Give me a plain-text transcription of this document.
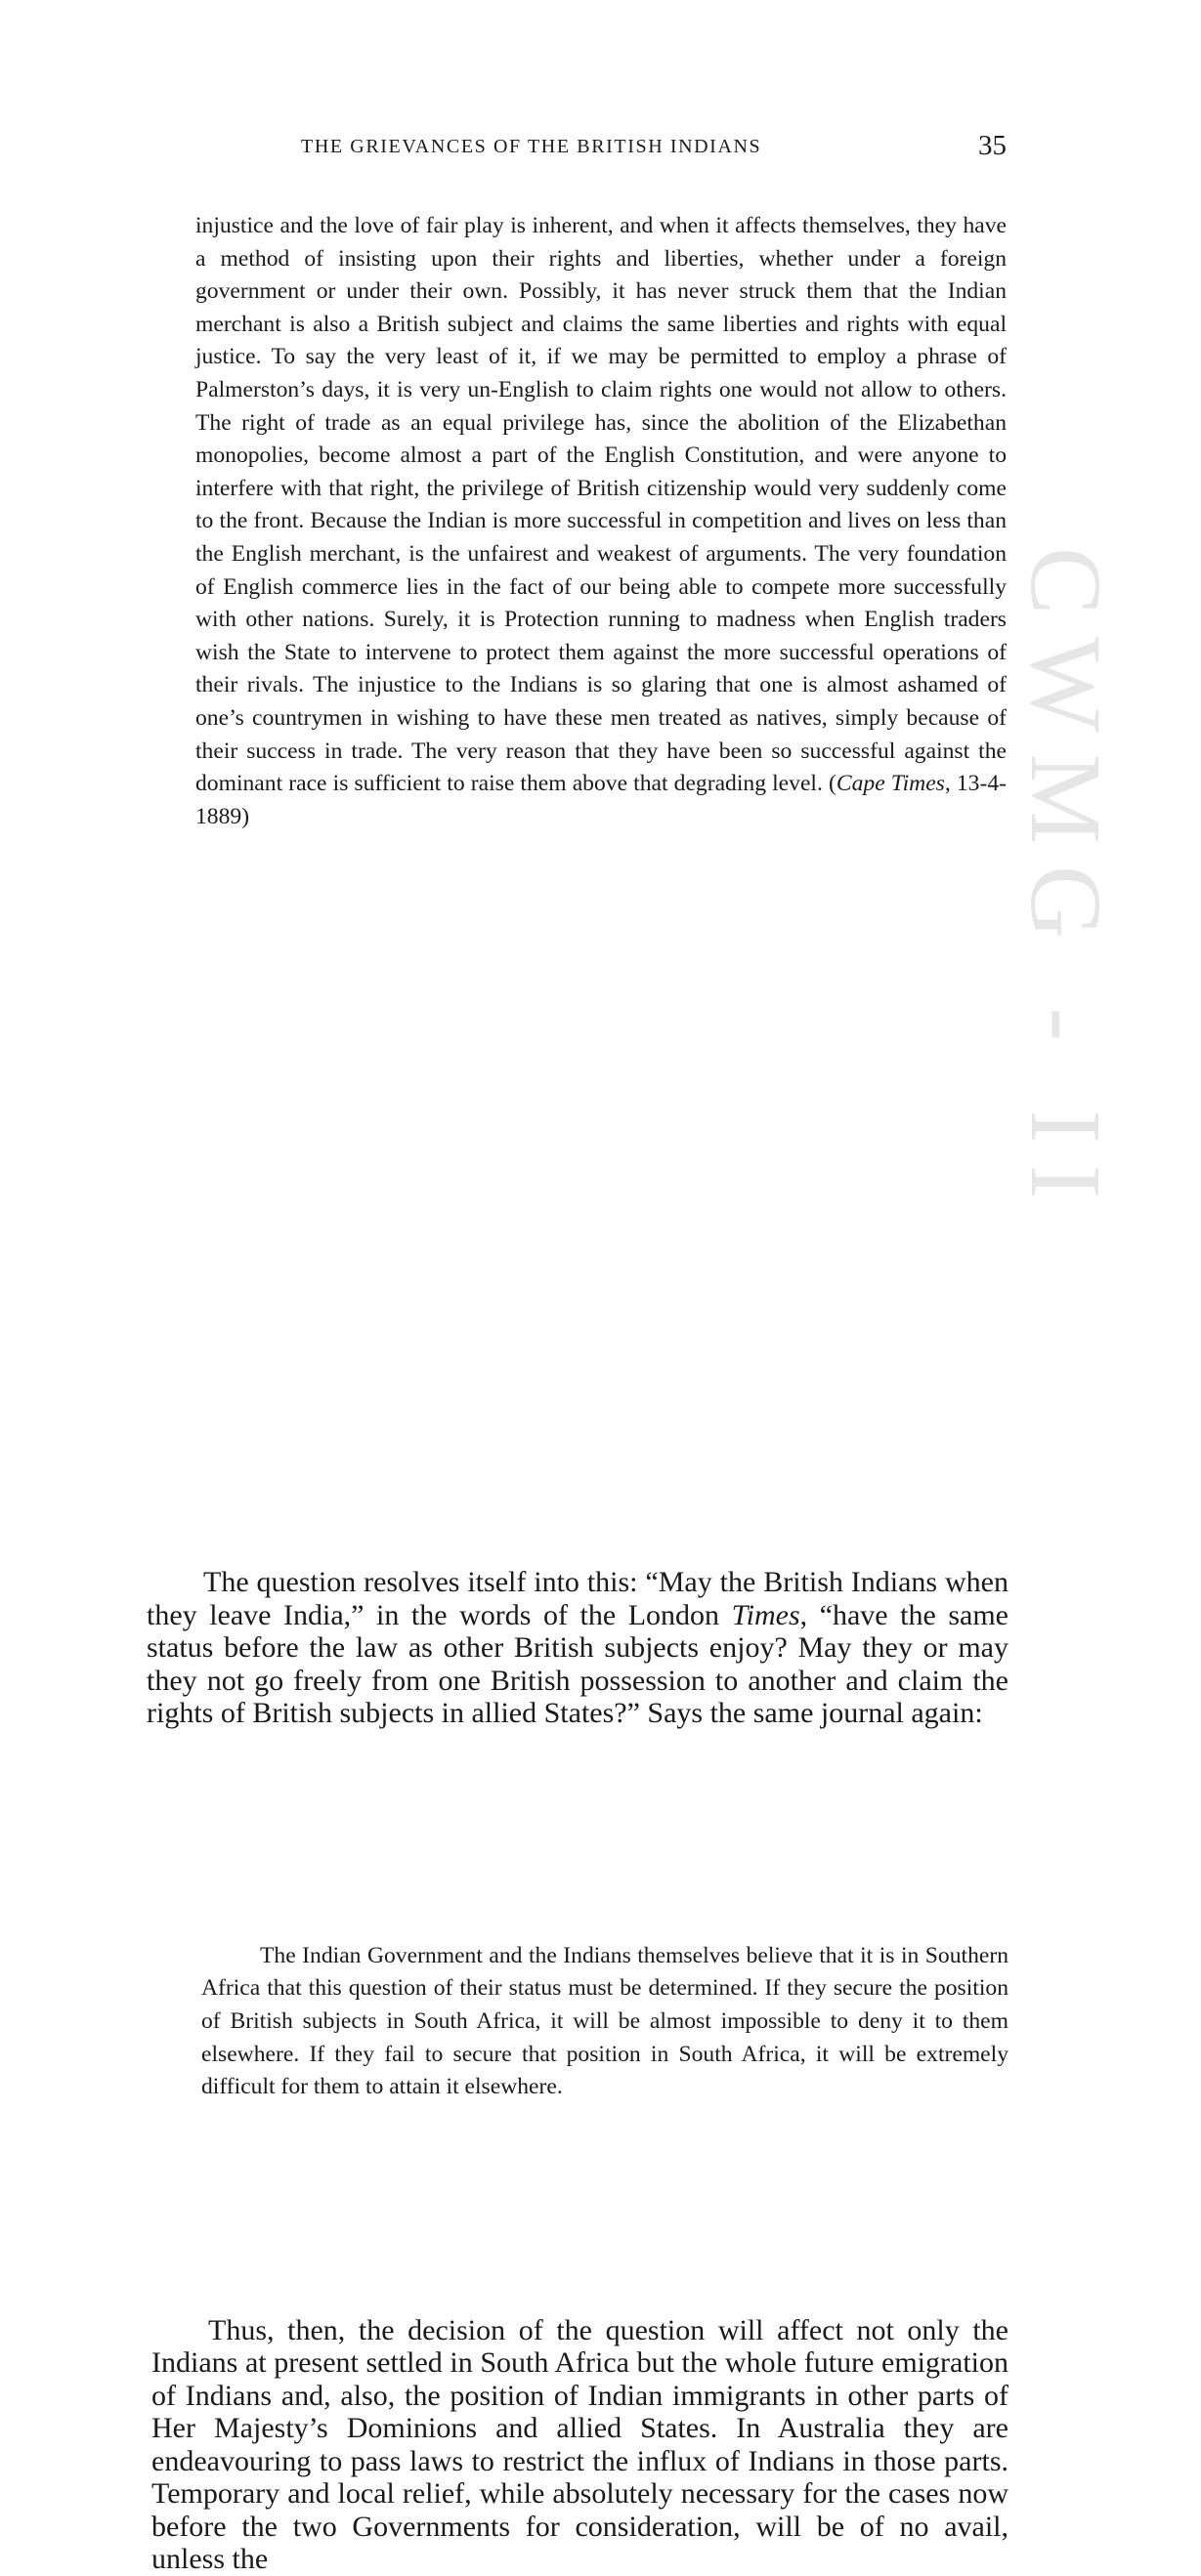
CWMG - II
THE GRIEVANCES OF THE BRITISH INDIANS	35

injustice and the love of fair play is inherent, and when it affects themselves, they have a method of insisting upon their rights and liberties, whether under a foreign government or under their own. Possibly, it has never struck them that the Indian merchant is also a British subject and claims the same liberties and rights with equal justice. To say the very least of it, if we may be permitted to employ a phrase of Palmerston’s days, it is very un-English to claim rights one would not allow to others. The right of trade as an equal privilege has, since the abolition of the Elizabethan monopolies, become almost a part of the English Constitution, and were anyone to interfere with that right, the privilege of British citizenship would very suddenly come to the front. Because the Indian is more successful in competition and lives on less than the English merchant, is the unfairest and weakest of arguments. The very foundation of English commerce lies in the fact of our being able to compete more successfully with other nations. Surely, it is Protection running to madness when English traders wish the State to intervene to protect them against the more successful operations of their rivals. The injustice to the Indians is so glaring that one is almost ashamed of one’s countrymen in wishing to have these men treated as natives, simply because of their success in trade. The very reason that they have been so successful against the dominant race is sufficient to raise them above that degrading level. (Cape Times, 13-4-1889)

The question resolves itself into this: “May the British Indians when they leave India,” in the words of the London Times, “have the same status before the law as other British subjects enjoy? May they or may they not go freely from one British possession to another and claim the rights of British subjects in allied States?” Says the same journal again:

The Indian Government and the Indians themselves believe that it is in Southern Africa that this question of their status must be determined. If they secure the position of British subjects in South Africa, it will be almost impossible to deny it to them elsewhere. If they fail to secure that position in South Africa, it will be extremely difficult for them to attain it elsewhere.

Thus, then, the decision of the question will affect not only the Indians at present settled in South Africa but the whole future emigration of Indians and, also, the position of Indian immigrants in other parts of Her Majesty’s Dominions and allied States. In Australia they are endeavouring to pass laws to restrict the influx of Indians in those parts. Temporary and local relief, while absolutely necessary for the cases now before the two Governments for consideration, will be of no avail, unless the
